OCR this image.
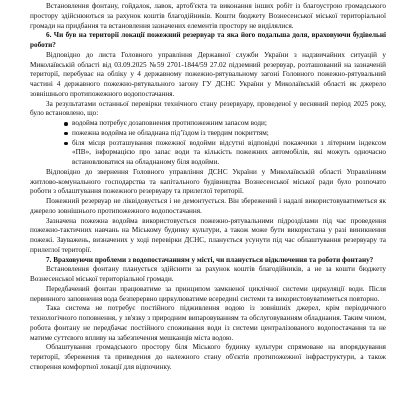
Встановлення фонтану, гойдалок, лавок, артоб'єкта та виконання інших робіт із благоустрою громадського простору здійснюються за рахунок коштів благодійників. Кошти бюджету Вознесенської міської територіальної громади на придбання та встановлення зазначених елементів простору не виділялися.

6. Чи був на території локації пожежний резервуар та яка його подальша доля, враховуючи будівельні роботи?

Відповідно до листа Головного управління Державної служби України з надзвичайних ситуацій у Миколаївській області від 03.09.2025 №59 2701-1844/59 27.02 підземний резервуар, розташований на зазначеній території, перебуває на обліку у 4 державному пожежно-рятувальному загоні Головного пожежно-рятувальний частині 4 державного пожежно-рятувального загону ГУ ДСНС України у Миколаївській області як джерело зовнішнього протипожежного водопостачання.

За результатами останньої перевірки технічного стану резервуару, проведеної у весняний період 2025 року, було встановлено, що:

водойма потребує дозаповнення протипожежним запасом води;
пожежна водойма не обладнана підʼїздом із твердим покриттям;
біля місця розташування пожежної водойми відсутні відповідні покажчики з літерним індексом «ПВ», інформацією про запас води та кількість пожежних автомобілів, які можуть одночасно встановлюватися на обладнаному біля водойми.

Відповідно до звернення Головного управління ДСНС України у Миколаївській області Управлінням житлово-комунального господарства та капітального будівництва Вознесенської міської ради було розпочато роботи з облаштування пожежного резервуару та прилеглої території.

Пожежний резервуар не ліквідовується і не демонтується. Він збережений і надалі використовуватиметься як джерело зовнішнього протипожежного водопостачання.

Зазначена пожежна водойма використовується пожежно-рятувальними підрозділами під час проведення пожежно-тактичних навчань на Міському будинку культури, а також може бути використана у разі виникнення пожежі. Зауважень, визначених у ході перевірки ДСНС, планується усунути під час облаштування резервуару та прилеглої території.

7. Враховуючи проблеми з водопостачанням у місті, чи планується відключення та роботи фонтану?

Встановлення фонтану планується здійснити за рахунок коштів благодійників, а не за кошти бюджету Вознесенської міської територіальної громади.

Передбачений фонтан працюватиме за принципом замкненої циклічної системи циркуляції води. Після первинного заповнення вода безперервно циркулюватиме всередині системи та використовуватиметься повторно.

Така система не потребує постійного підживлення водою із зовнішніх джерел, крім періодичного технологічного поповнення, у зв'язку з природним випаровуванням та обслуговуванням обладнання. Таким чином, робота фонтану не передбачає постійного споживання води із системи централізованого водопостачання та не матиме суттєвого впливу на забезпечення мешканців міста водою.

Облаштування громадського простору біля Міського будинку культури спрямоване на впорядкування території, збереження та приведення до належного стану об'єктів протипожежної інфраструктури, а також створення комфортної локації для відпочинку.
